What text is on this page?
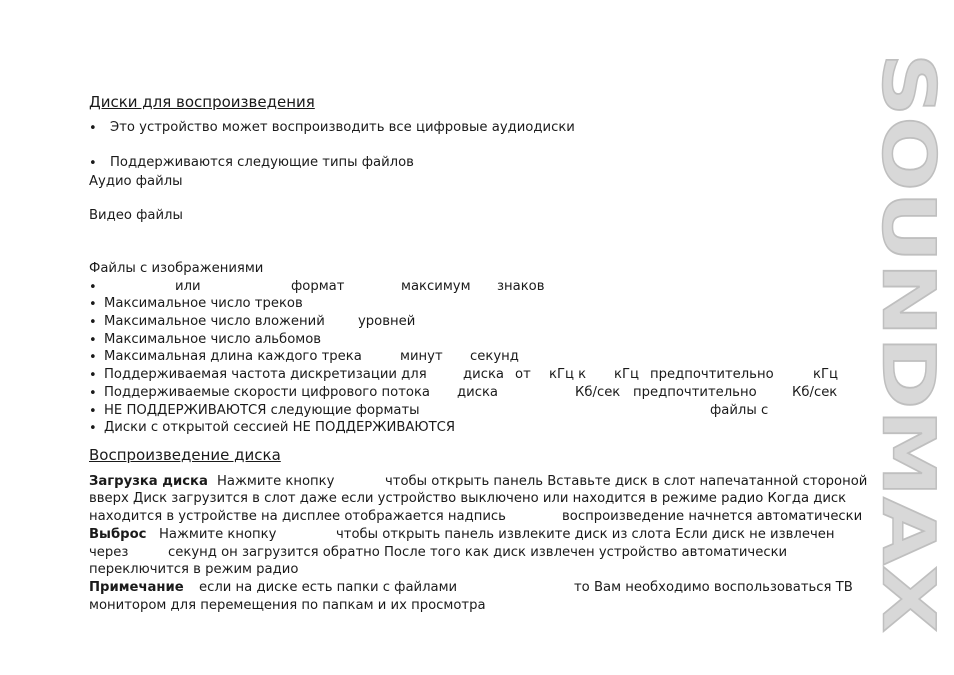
Диски для воспроизведения
• Это устройство может воспроизводить все цифровые аудиодиски
• Поддерживаются следующие типы файлов
Аудио файлы
Видео файлы
Файлы с изображениями
•	или	формат	максимум знаков
• Максимальное число треков
• Максимальное число вложений	уровней
• Максимальное число альбомов
• Максимальная длина каждого трека	минут секунд
• Поддерживаемая частота дискретизации для	диска от кГц к кГц предпочтительно	кГц
• Поддерживаемые скорости цифрового потока диска	Кб/сек предпочтительно	Кб/сек
• НЕ ПОДДЕРЖИВАЮТСЯ следующие форматы	файлы с
• Диски с открытой сессией НЕ ПОДДЕРЖИВАЮТСЯ
Воспроизведение диска
Загрузка диска Нажмите кнопку	чтобы открыть панель Вставьте диск в слот напечатанной стороной
вверх Диск загрузится в слот даже если устройство выключено или находится в режиме радио Когда диск
находится в устройстве на дисплее отображается надпись	воспроизведение начнется автоматически
Выброс Нажмите кнопку	чтобы открыть панель извлеките диск из слота Если диск не извлечен
через	секунд он загрузится обратно После того как диск извлечен устройство автоматически
переключится в режим радио
Примечание если на диске есть папки с файлами	то Вам необходимо воспользоваться ТВ
монитором для перемещения по папкам и их просмотра
SOUNDMAX
